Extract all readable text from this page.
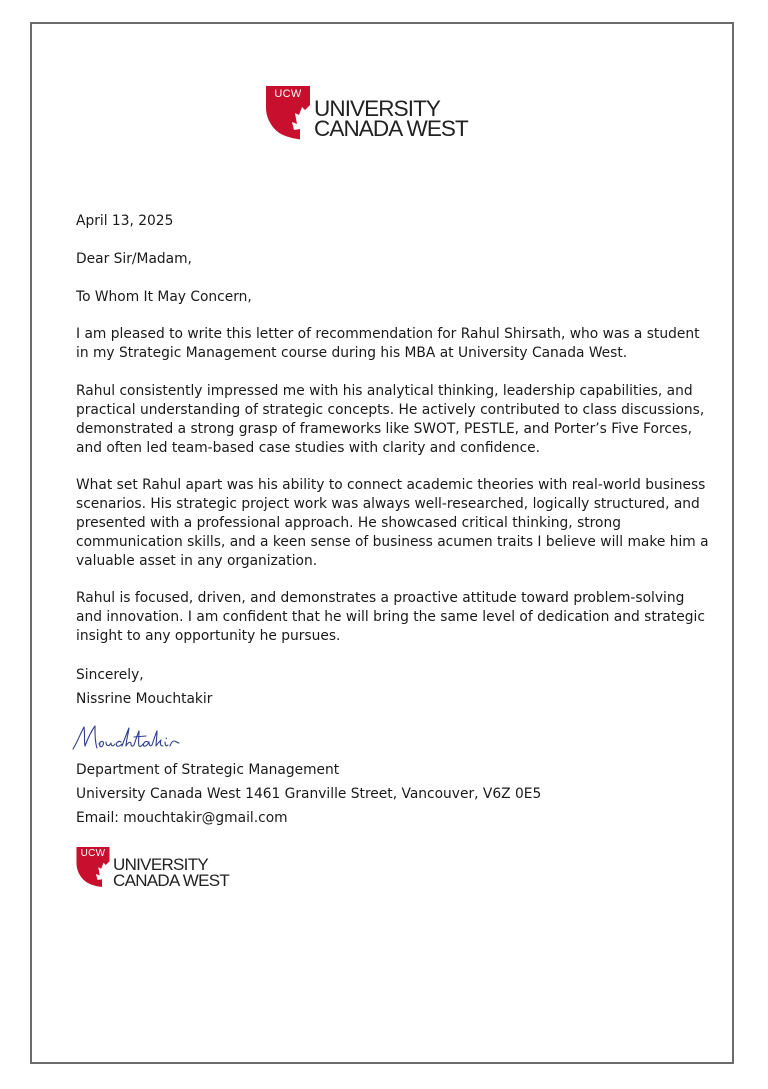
UCW
UNIVERSITY
CANADA WEST

April 13, 2025

Dear Sir/Madam,

To Whom It May Concern,

I am pleased to write this letter of recommendation for Rahul Shirsath, who was a student
in my Strategic Management course during his MBA at University Canada West.
Rahul consistently impressed me with his analytical thinking, leadership capabilities, and
practical understanding of strategic concepts. He actively contributed to class discussions,
demonstrated a strong grasp of frameworks like SWOT, PESTLE, and Porter’s Five Forces,
and often led team-based case studies with clarity and confidence.
What set Rahul apart was his ability to connect academic theories with real-world business
scenarios. His strategic project work was always well-researched, logically structured, and
presented with a professional approach. He showcased critical thinking, strong
communication skills, and a keen sense of business acumen traits I believe will make him a
valuable asset in any organization.
Rahul is focused, driven, and demonstrates a proactive attitude toward problem-solving
and innovation. I am confident that he will bring the same level of dedication and strategic
insight to any opportunity he pursues.

Sincerely,

Nissrine Mouchtakir

Department of Strategic Management

University Canada West 1461 Granville Street, Vancouver, V6Z 0E5

Email: mouchtakir@gmail.com

UCW
UNIVERSITY
CANADA WEST
